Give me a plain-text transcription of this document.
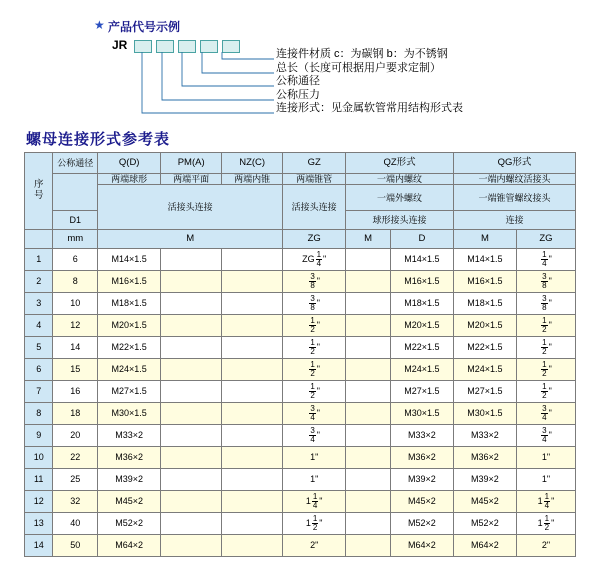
★ 产品代号示例
JR
连接件材质 c：为碳钢 b：为不锈钢
总长（长度可根据用户要求定制）
公称通径
公称压力
连接形式：见金属软管常用结构形式表
螺母连接形式参考表
序
号	公称通径	Q(D)	PM(A)	NZ(C)	GZ	QZ形式		QG形式	
		两端球形	两端平面	两端内锥	两端锥管	一端内螺纹		一端内螺纹活接头	
		活接头连接			活接头连接	一端外螺纹		一端锥管螺纹接头	
	D1					球形接头连接		连接	
	mm	M			ZG	M	D	M	ZG
1	6	M14×1.5			ZG $\frac{1}{4}$ "		M14×1.5	M14×1.5	$\frac{1}{4}$ "
2	8	M16×1.5			$\frac{3}{8}$ "		M16×1.5	M16×1.5	$\frac{3}{8}$ "
3	10	M18×1.5			$\frac{3}{8}$ "		M18×1.5	M18×1.5	$\frac{3}{8}$ "
4	12	M20×1.5			$\frac{1}{2}$ "		M20×1.5	M20×1.5	$\frac{1}{2}$ "
5	14	M22×1.5			$\frac{1}{2}$ "		M22×1.5	M22×1.5	$\frac{1}{2}$ "
6	15	M24×1.5			$\frac{1}{2}$ "		M24×1.5	M24×1.5	$\frac{1}{2}$ "
7	16	M27×1.5			$\frac{1}{2}$ "		M27×1.5	M27×1.5	$\frac{1}{2}$ "
8	18	M30×1.5			$\frac{3}{4}$ "		M30×1.5	M30×1.5	$\frac{3}{4}$ "
9	20	M33×2			$\frac{3}{4}$ "		M33×2	M33×2	$\frac{3}{4}$ "
10	22	M36×2			1"		M36×2	M36×2	1"
11	25	M39×2			1"		M39×2	M39×2	1"
12	32	M45×2			$1 \frac{1}{4}$ "		M45×2	M45×2	$1 \frac{1}{4}$ "
13	40	M52×2			$1 \frac{1}{2}$ "		M52×2	M52×2	$1 \frac{1}{2}$ "
14	50	M64×2			2"		M64×2	M64×2	2"
